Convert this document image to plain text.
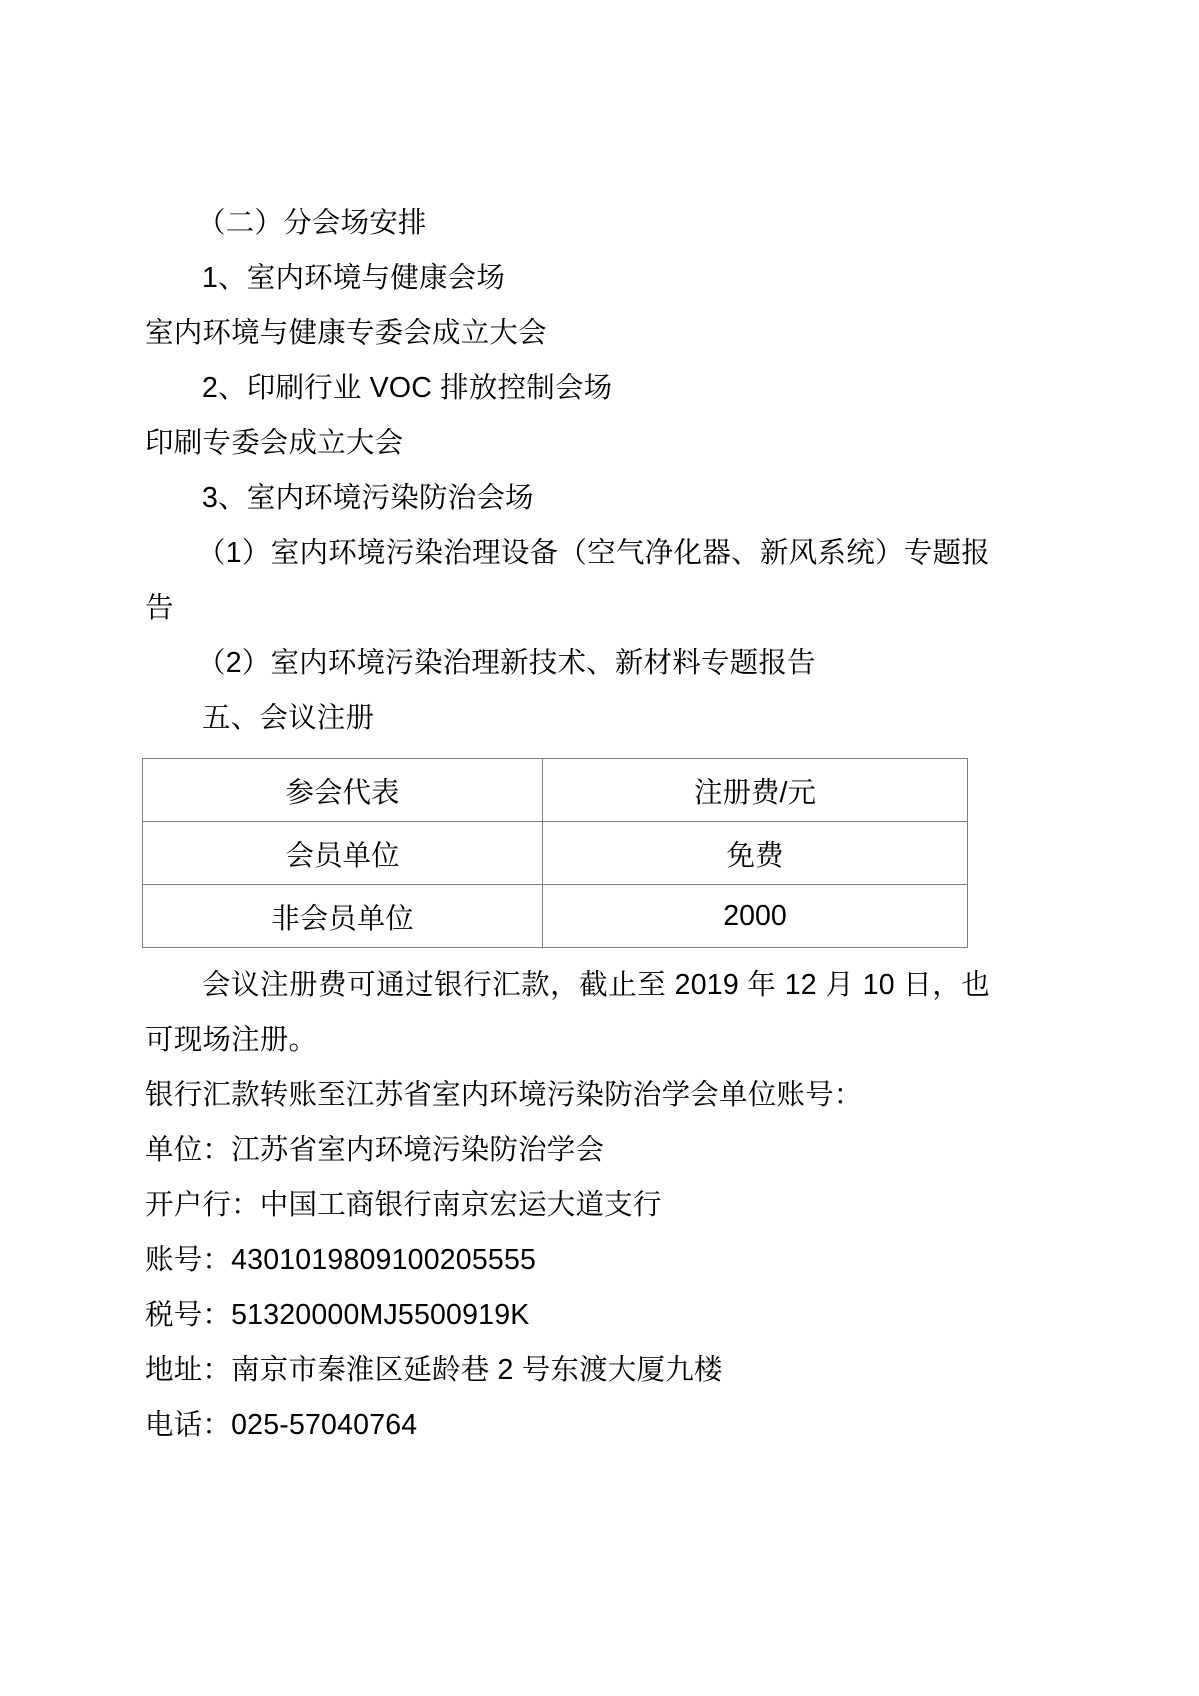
（二）分会场安排

1、室内环境与健康会场

室内环境与健康专委会成立大会

2、印刷行业 VOC 排放控制会场

印刷专委会成立大会

3、室内环境污染防治会场

（1）室内环境污染治理设备（空气净化器、新风系统）专题报告

（2）室内环境污染治理新技术、新材料专题报告

五、会议注册

参会代表	注册费/元
会员单位	免费
非会员单位	2000

会议注册费可通过银行汇款，截止至 2019 年 12 月 10 日，也可现场注册。

银行汇款转账至江苏省室内环境污染防治学会单位账号：

单位：江苏省室内环境污染防治学会

开户行：中国工商银行南京宏运大道支行

账号：4301019809100205555

税号：51320000MJ5500919K

地址：南京市秦淮区延龄巷 2 号东渡大厦九楼

电话：025-57040764
